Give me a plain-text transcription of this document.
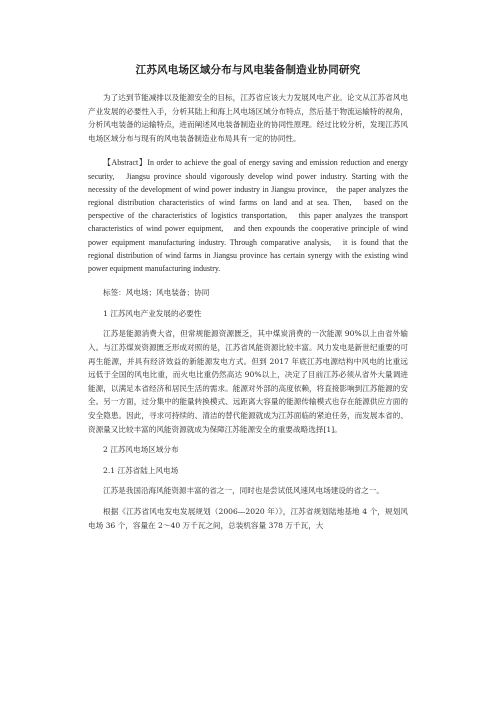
江苏风电场区域分布与风电装备制造业协同研究

为了达到节能减排以及能源安全的目标，江苏省应该大力发展风电产业。论文从江苏省风电产业发展的必要性入手，分析其陆上和海上风电场区域分布特点，然后基于物流运输特的视角，分析风电装备的运输特点，进而阐述风电装备制造业的协同性原理。经过比较分析，发现江苏风电场区域分布与现有的风电装备制造业布局具有一定的协同性。

【Abstract】In order to achieve the goal of energy saving and emission reduction and energy security,　Jiangsu province should vigorously develop wind power industry. Starting with the necessity of the development of wind power industry in Jiangsu province,　the paper analyzes the regional distribution characteristics of wind farms on land and at sea. Then,　based on the perspective of the characteristics of logistics transportation,　this paper analyzes the transport characteristics of wind power equipment,　and then expounds the cooperative principle of wind power equipment manufacturing industry. Through comparative analysis,　it is found that the regional distribution of wind farms in Jiangsu province has certain synergy with the existing wind power equipment manufacturing industry.

标签：风电场；风电装备；协同

1 江苏风电产业发展的必要性

江苏是能源消费大省，但常规能源资源匮乏，其中煤炭消费的一次能源 90%以上由省外输入。与江苏煤炭资源匮乏形成对照的是，江苏省风能资源比较丰富。风力发电是新世纪重要的可再生能源，并具有经济效益的新能源发电方式。但到 2017 年底江苏电源结构中风电的比重远远低于全国的风电比重，而火电比重仍然高达 90%以上，决定了目前江苏必须从省外大量调进能源，以满足本省经济和居民生活的需求。能源对外部的高度依赖，将直接影响到江苏能源的安全。另一方面，过分集中的能量转换模式、远距离大容量的能源传输模式也存在能源供应方面的安全隐患。因此，寻求可持续的、清洁的替代能源就成为江苏面临的紧迫任务，而发展本省的、资源量又比较丰富的风能资源就成为保障江苏能源安全的重要战略选择[1]。

2 江苏风电场区域分布

2.1 江苏省陆上风电场

江苏是我国沿海风能资源丰富的省之一，同时也是尝试低风速风电场建设的省之一。

根据《江苏省风电发电发展规划（2006—2020 年）》，江苏省规划陆地基地 4 个，规划风电场 36 个，容量在 2～40 万千瓦之间，总装机容量 378 万千瓦，大
